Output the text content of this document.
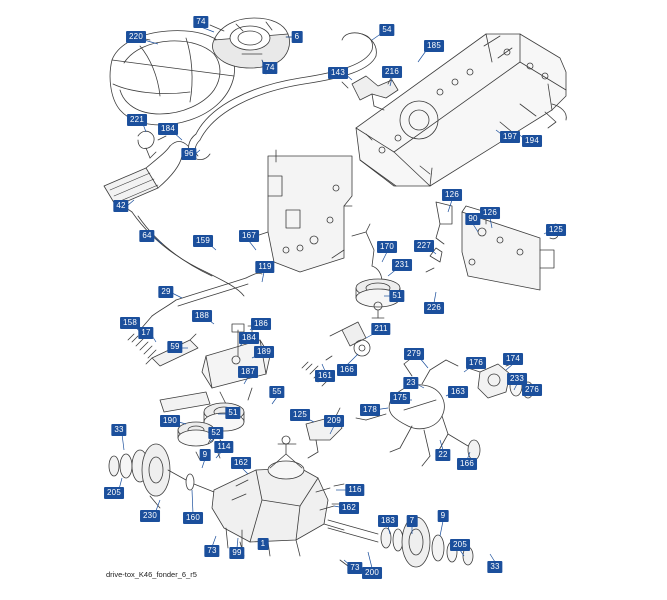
74
6
54
185
220
74
143	216
221
184
197	194
96
42
126
90
126
125
167
64
159
170	227
119	231
29
226
51
188
186
158
17	211
59
184
189	279
176	174
166
161
187
233
23
163	276
55
178
175
190
125
209
51
33	52
114
9	22
166
162
116
205
162
230	160	183	7
9
205
73	99
1
73
200
33
drive-tox_K46_fonder_6_r5
